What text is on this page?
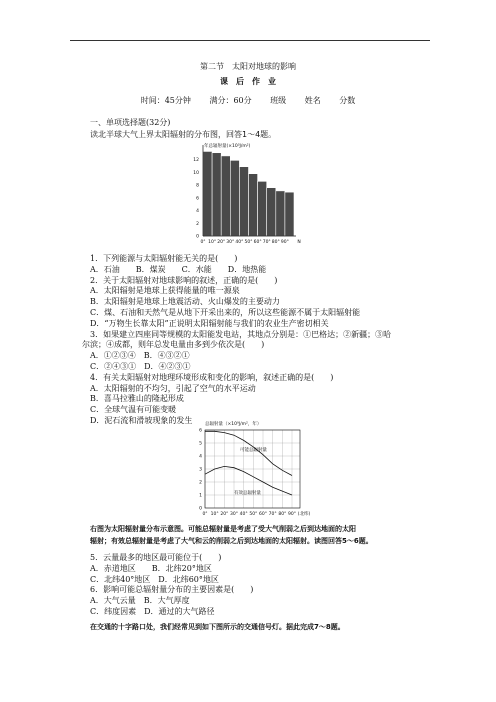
第二节　太阳对地球的影响
课　后　作　业
时间：45分钟 满分：60分 班级 姓名 分数
一、单项选择题(32分)
读北半球大气上界太阳辐射的分布图，回答1～4题。
年总辐射量(×10³J/m²)
0
2
4
6
8
10
12
0° 10° 20° 30° 40° 50° 60° 70° 80° 90° N
1．下列能源与太阳辐射能无关的是(　　)
A．石油　　B．煤炭　　C．水能　　D．地热能
2．关于太阳辐射对地球影响的叙述，正确的是(　　)
A．太阳辐射是地球上获得能量的唯一源泉
B．太阳辐射是地球上地震活动、火山爆发的主要动力
C．煤、石油和天然气是从地下开采出来的，所以这些能源不属于太阳辐射能
D．“万物生长靠太阳”正说明太阳辐射能与我们的农业生产密切相关
3．如果建立四座同等规模的太阳能发电站，其地点分别是：①巴格达；②新疆；③哈
尔滨；④成都，则年总发电量由多到少依次是(　　)
A．①②③④　B．④③②①
C．②④③①　D．④②③①
4．有关太阳辐射对地理环境形成和变化的影响，叙述正确的是(　　)
A．太阳辐射的不均匀，引起了空气的水平运动
B．喜马拉雅山的隆起形成
C．全球气温有可能变暖
D．泥石流和滑坡现象的发生	总辐射量（×10⁹J/m²，年）
0
1
2
3
4
5
6
可能总辐射量
有效总辐射量
0° 10° 20° 30° 40° 50° 60° 70° 80° 90° (北纬)
右图为太阳辐射量分布示意图。可能总辐射量是考虑了受大气削弱之后到达地面的太阳
辐射；有效总辐射量是考虑了大气和云的削弱之后到达地面的太阳辐射。读图回答5～6题。
5．云量最多的地区最可能位于(　　)
A．赤道地区　　B．北纬20°地区
C．北纬40°地区　D．北纬60°地区
6．影响可能总辐射量分布的主要因素是(　　)
A．大气云量　B．大气厚度
C．纬度因素　D．通过的大气路径
在交通的十字路口处，我们经常见到如下图所示的交通信号灯。据此完成7～8题。
